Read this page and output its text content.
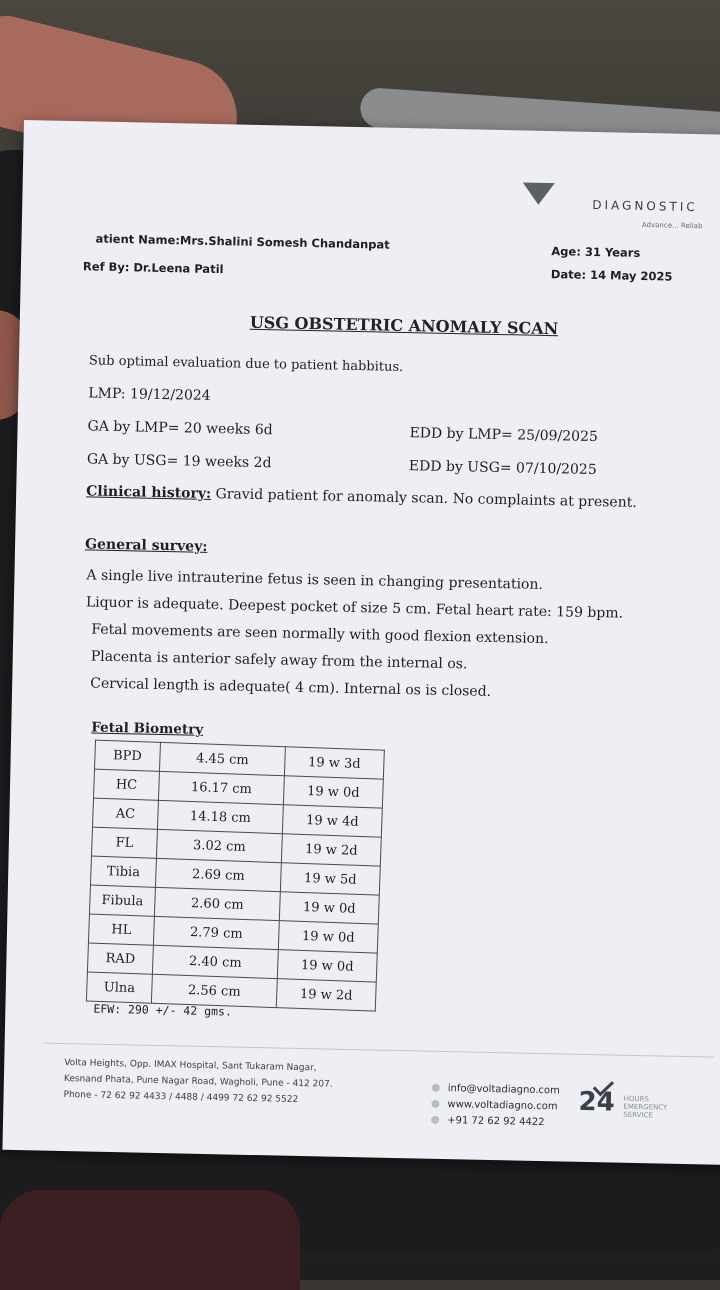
DIAGNOSTIC
Advance... Reliab
atient Name:Mrs.Shalini Somesh Chandanpat
Ref By: Dr.Leena Patil
Age: 31 Years
Date: 14 May 2025
USG OBSTETRIC ANOMALY SCAN
Sub optimal evaluation due to patient habbitus.
LMP: 19/12/2024
GA by LMP= 20 weeks 6d	EDD by LMP= 25/09/2025
GA by USG= 19 weeks 2d	EDD by USG= 07/10/2025
Clinical history: Gravid patient for anomaly scan. No complaints at present.
General survey:
A single live intrauterine fetus is seen in changing presentation.
Liquor is adequate. Deepest pocket of size 5 cm. Fetal heart rate: 159 bpm.
Fetal movements are seen normally with good flexion extension.
Placenta is anterior safely away from the internal os.
Cervical length is adequate( 4 cm). Internal os is closed.
Fetal Biometry
BPD	4.45 cm	19 w 3d
HC	16.17 cm	19 w 0d
AC	14.18 cm	19 w 4d
FL	3.02 cm	19 w 2d
Tibia	2.69 cm	19 w 5d
Fibula	2.60 cm	19 w 0d
HL	2.79 cm	19 w 0d
RAD	2.40 cm	19 w 0d
Ulna	2.56 cm	19 w 2d
EFW: 290 +/- 42 gms.
Volta Heights, Opp. IMAX Hospital, Sant Tukaram Nagar,
Kesnand Phata, Pune Nagar Road, Wagholi, Pune - 412 207.
Phone - 72 62 92 4433 / 4488 / 4499 72 62 92 5522
info@voltadiagno.com
www.voltadiagno.com
+91 72 62 92 4422
24 HOURS
EMERGENCY
SERVICE
